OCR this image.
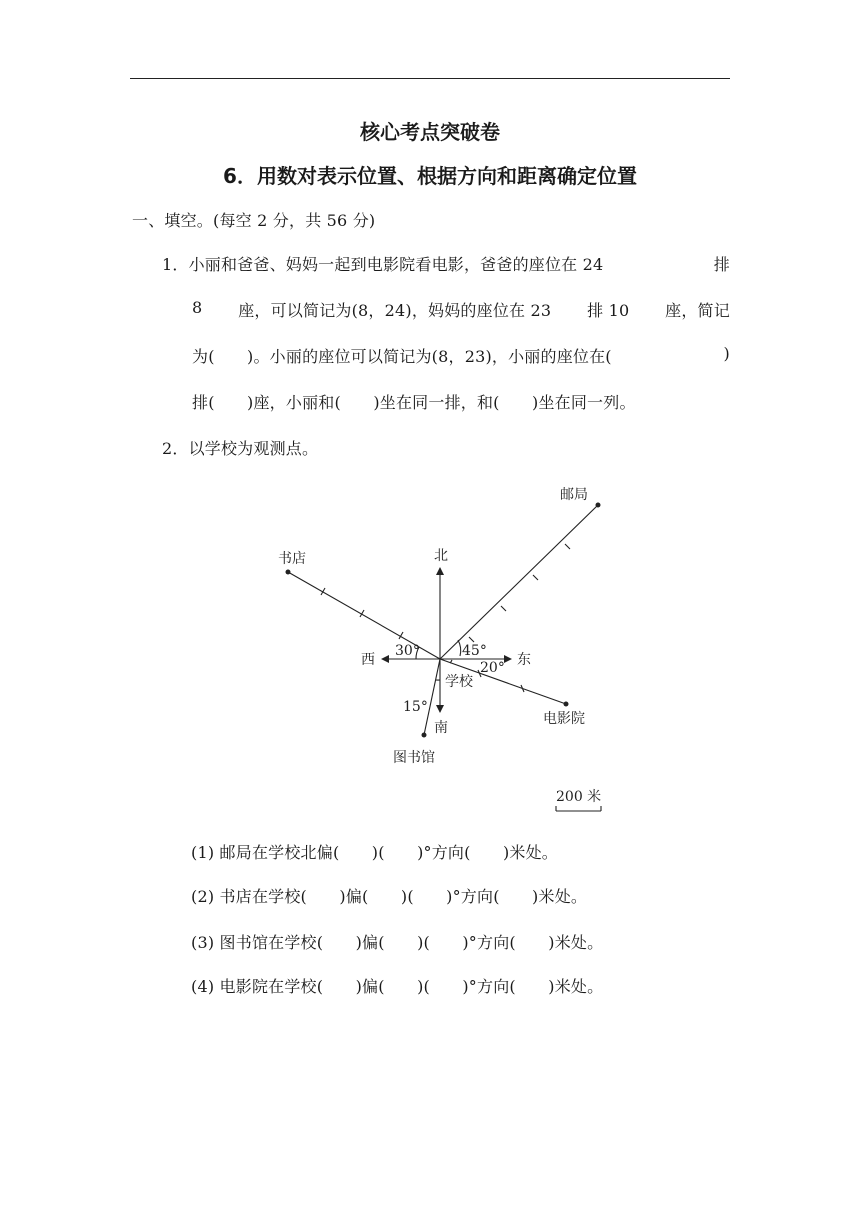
核心考点突破卷
6．用数对表示位置、根据方向和距离确定位置
一、填空。(每空 2 分，共 56 分)
1．小丽和爸爸、妈妈一起到电影院看电影，爸爸的座位在 24	排
8 座，可以简记为(8，24)，妈妈的座位在 23 排 10 座，简记
为(　　)。小丽的座位可以简记为(8，23)，小丽的座位在(	)
排(　　)座，小丽和(　　)坐在同一排，和(　　)坐在同一列。
2．以学校为观测点。
北
南
东
西
学校
邮局
书店
电影院
图书馆
30°	45°
20°
15°
200 米
(1) 邮局在学校北偏(　　)(　　)°方向(　　)米处。
(2) 书店在学校(　　)偏(　　)(　　)°方向(　　)米处。
(3) 图书馆在学校(　　)偏(　　)(　　)°方向(　　)米处。
(4) 电影院在学校(　　)偏(　　)(　　)°方向(　　)米处。
